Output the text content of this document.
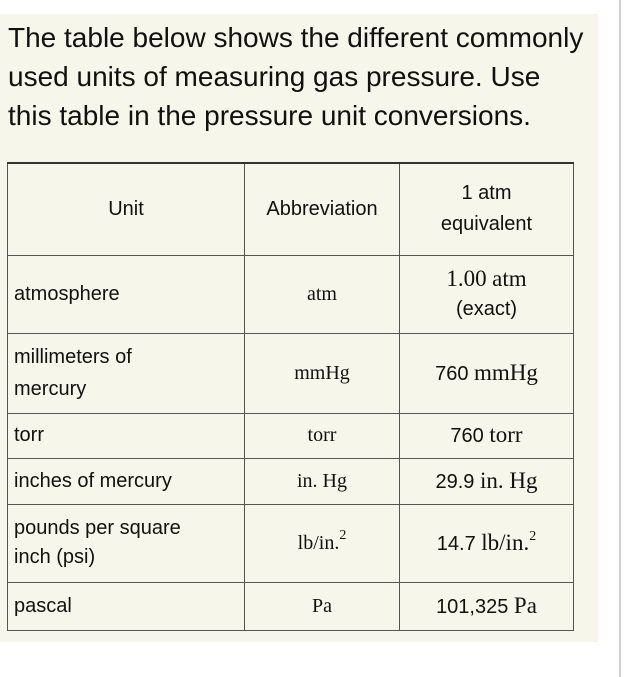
The table below shows the different commonly used units of measuring gas pressure. Use this table in the pressure unit conversions.

Unit	Abbreviation	1 atm
equivalent

atmosphere	atm	1.00 atm
(exact)

millimeters of
mercury	mmHg	760 mmHg
torr	torr	760 torr
inches of mercury	in. Hg	29.9 in. Hg

pounds per square
inch (psi)	lb/in.$^2$	14.7 lb/in.$^2$
pascal	Pa	101,325 Pa
